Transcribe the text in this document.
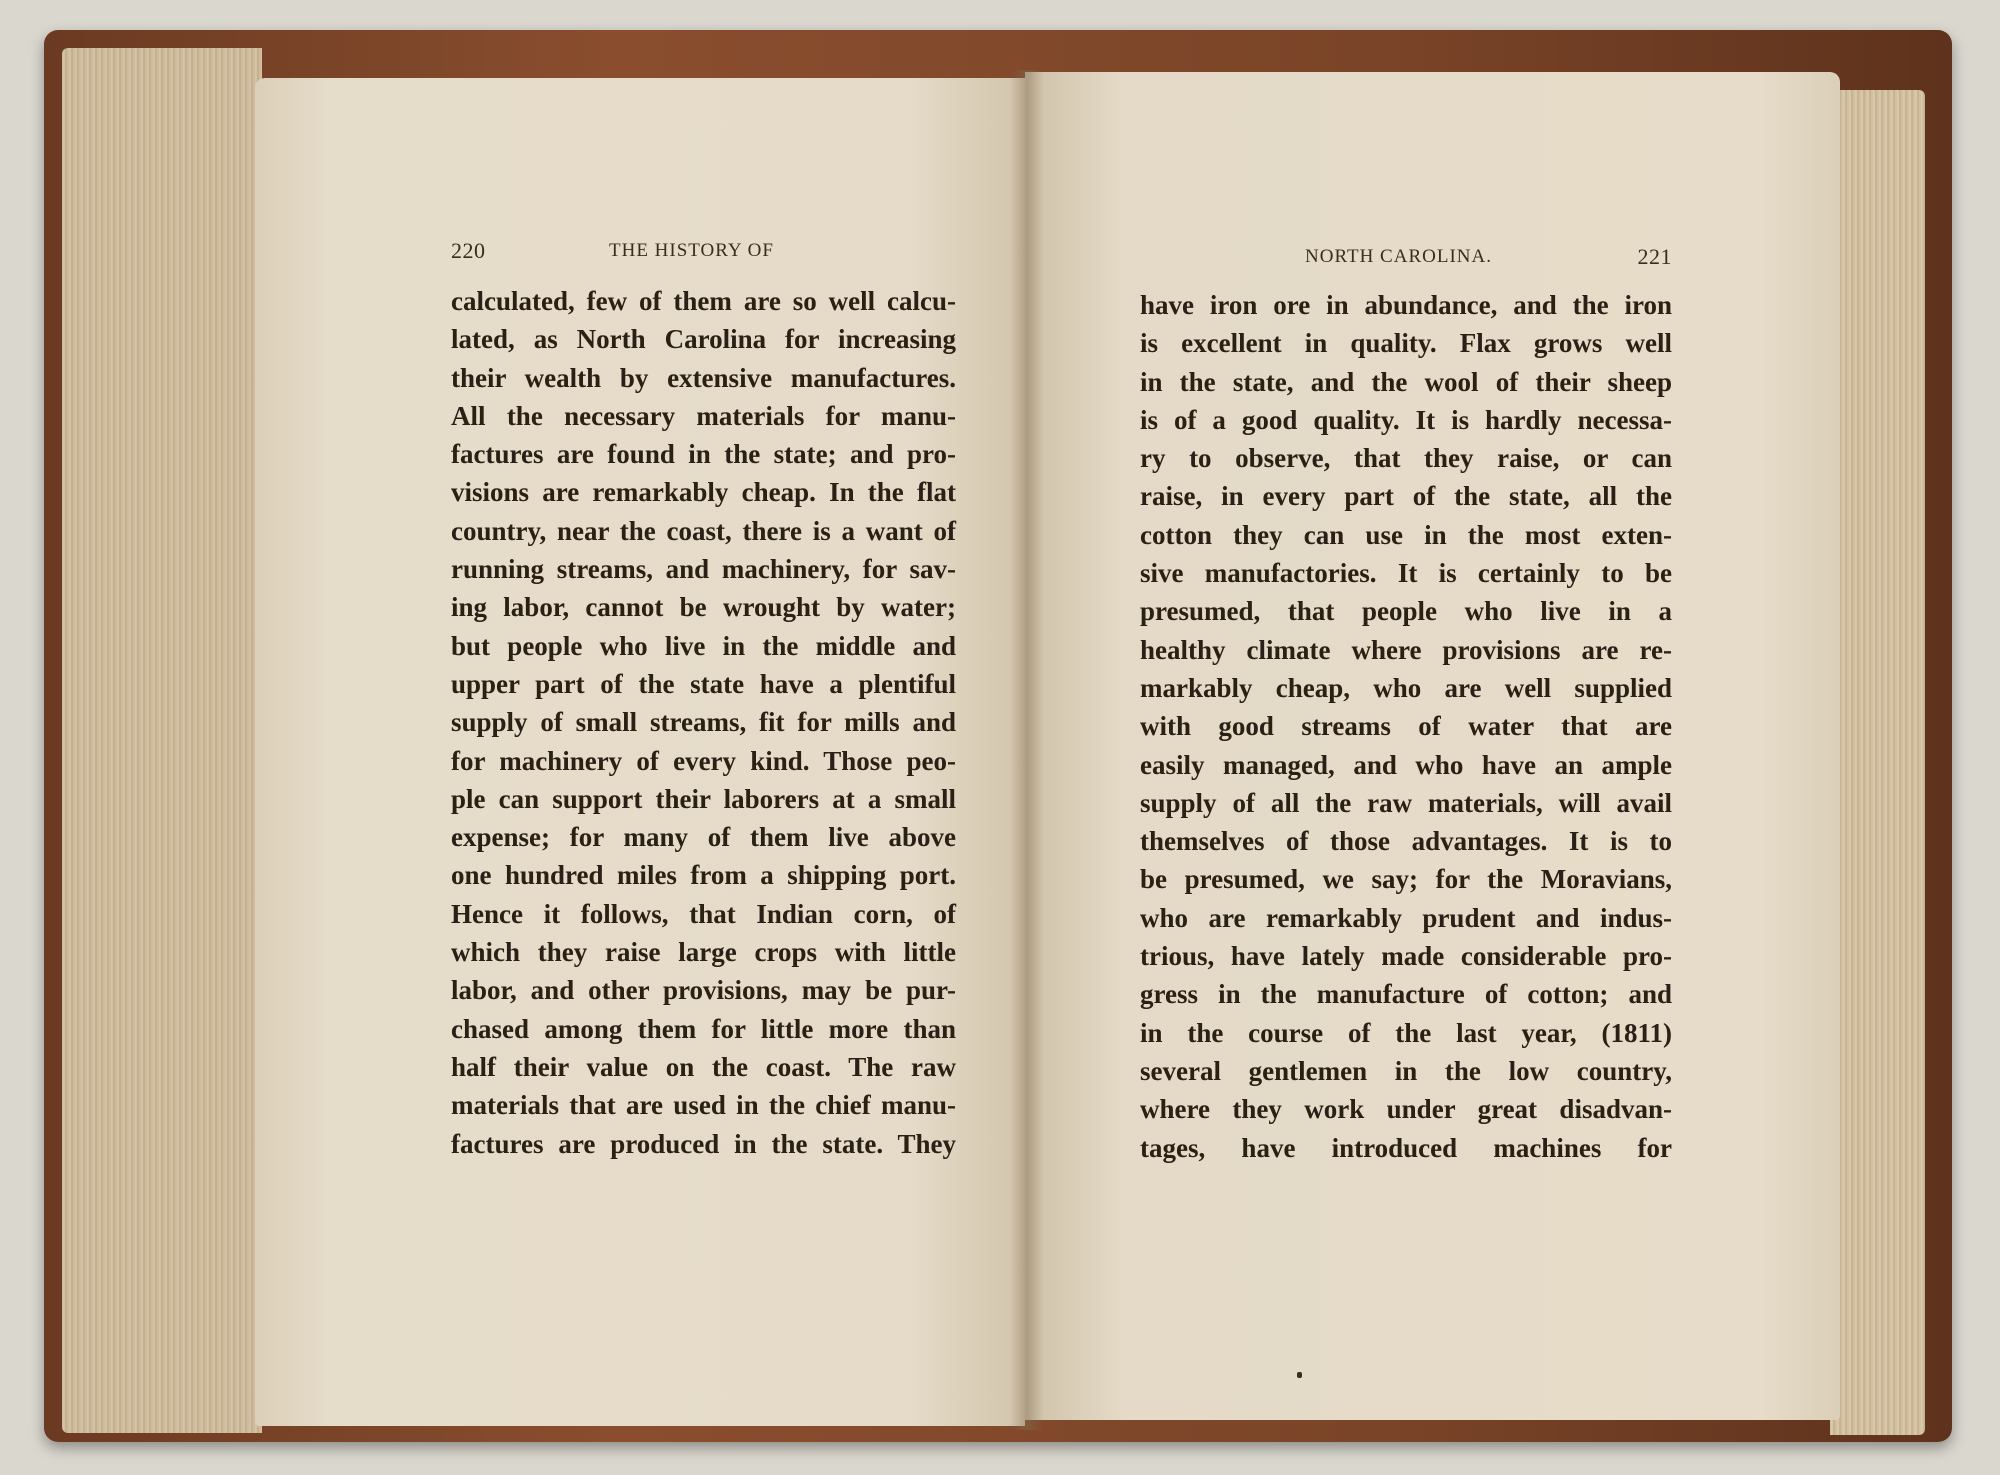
220	THE HISTORY OF
calculated, few of them are so well calcu-
lated, as North Carolina for increasing
their wealth by extensive manufactures.
All the necessary materials for manu-
factures are found in the state; and pro-
visions are remarkably cheap. In the flat
country, near the coast, there is a want of
running streams, and machinery, for sav-
ing labor, cannot be wrought by water;
but people who live in the middle and
upper part of the state have a plentiful
supply of small streams, fit for mills and
for machinery of every kind. Those peo-
ple can support their laborers at a small
expense; for many of them live above
one hundred miles from a shipping port.
Hence it follows, that Indian corn, of
which they raise large crops with little
labor, and other provisions, may be pur-
chased among them for little more than
half their value on the coast. The raw
materials that are used in the chief manu-
factures are produced in the state. They
NORTH CAROLINA.	221
have iron ore in abundance, and the iron
is excellent in quality. Flax grows well
in the state, and the wool of their sheep
is of a good quality. It is hardly necessa-
ry to observe, that they raise, or can
raise, in every part of the state, all the
cotton they can use in the most exten-
sive manufactories. It is certainly to be
presumed, that people who live in a
healthy climate where provisions are re-
markably cheap, who are well supplied
with good streams of water that are
easily managed, and who have an ample
supply of all the raw materials, will avail
themselves of those advantages. It is to
be presumed, we say; for the Moravians,
who are remarkably prudent and indus-
trious, have lately made considerable pro-
gress in the manufacture of cotton; and
in the course of the last year, (1811)
several gentlemen in the low country,
where they work under great disadvan-
tages, have introduced machines for
